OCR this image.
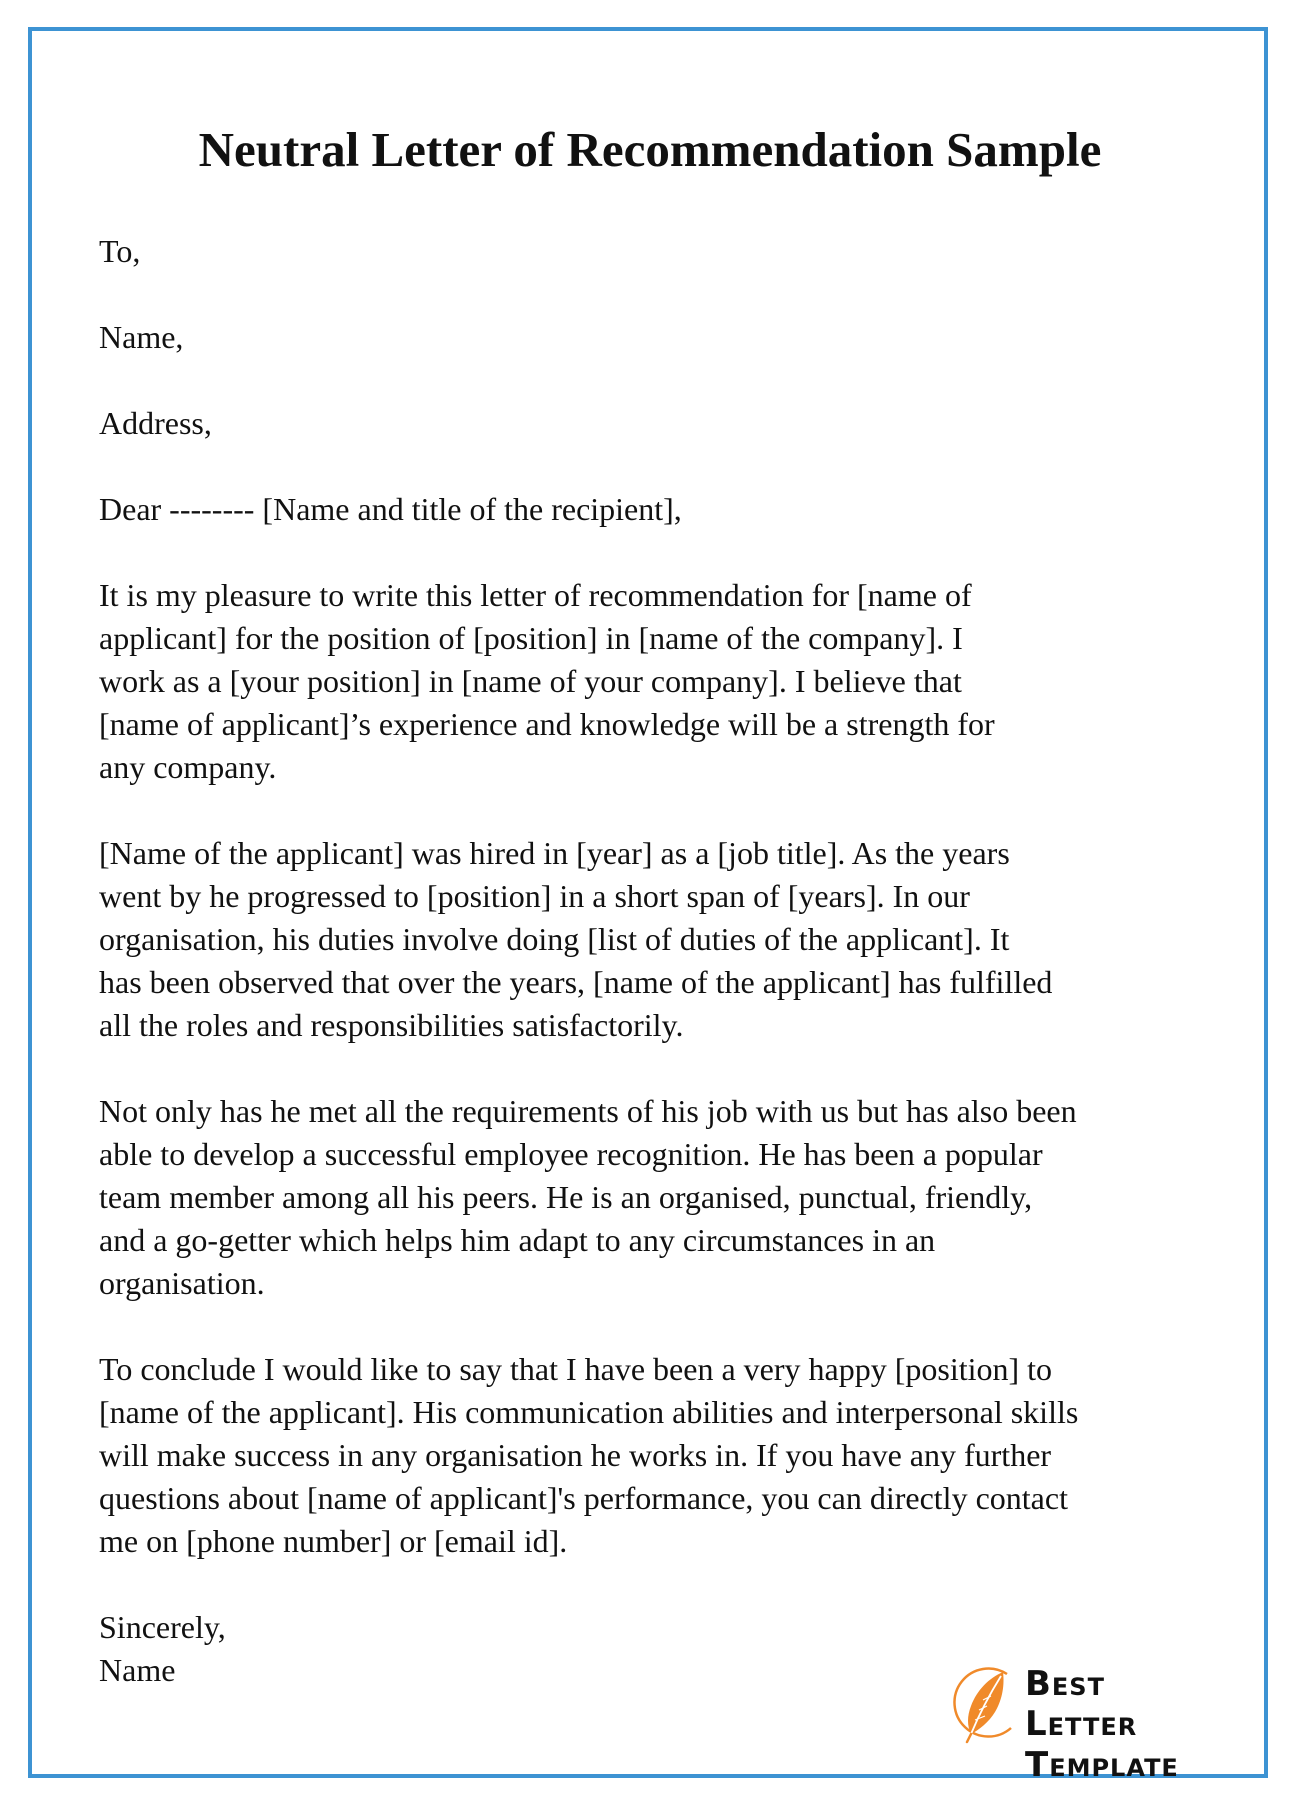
Neutral Letter of Recommendation Sample

To,

Name,

Address,

Dear -------- [Name and title of the recipient],

It is my pleasure to write this letter of recommendation for [name of
applicant] for the position of [position] in [name of the company]. I
work as a [your position] in [name of your company]. I believe that
[name of applicant]’s experience and knowledge will be a strength for
any company.

[Name of the applicant] was hired in [year] as a [job title]. As the years
went by he progressed to [position] in a short span of [years]. In our
organisation, his duties involve doing [list of duties of the applicant]. It
has been observed that over the years, [name of the applicant] has fulfilled
all the roles and responsibilities satisfactorily.

Not only has he met all the requirements of his job with us but has also been
able to develop a successful employee recognition. He has been a popular
team member among all his peers. He is an organised, punctual, friendly,
and a go-getter which helps him adapt to any circumstances in an
organisation.

To conclude I would like to say that I have been a very happy [position] to
[name of the applicant]. His communication abilities and interpersonal skills
will make success in any organisation he works in. If you have any further
questions about [name of applicant]'s performance, you can directly contact
me on [phone number] or [email id].

Sincerely,
Name	Best Letter
Template
